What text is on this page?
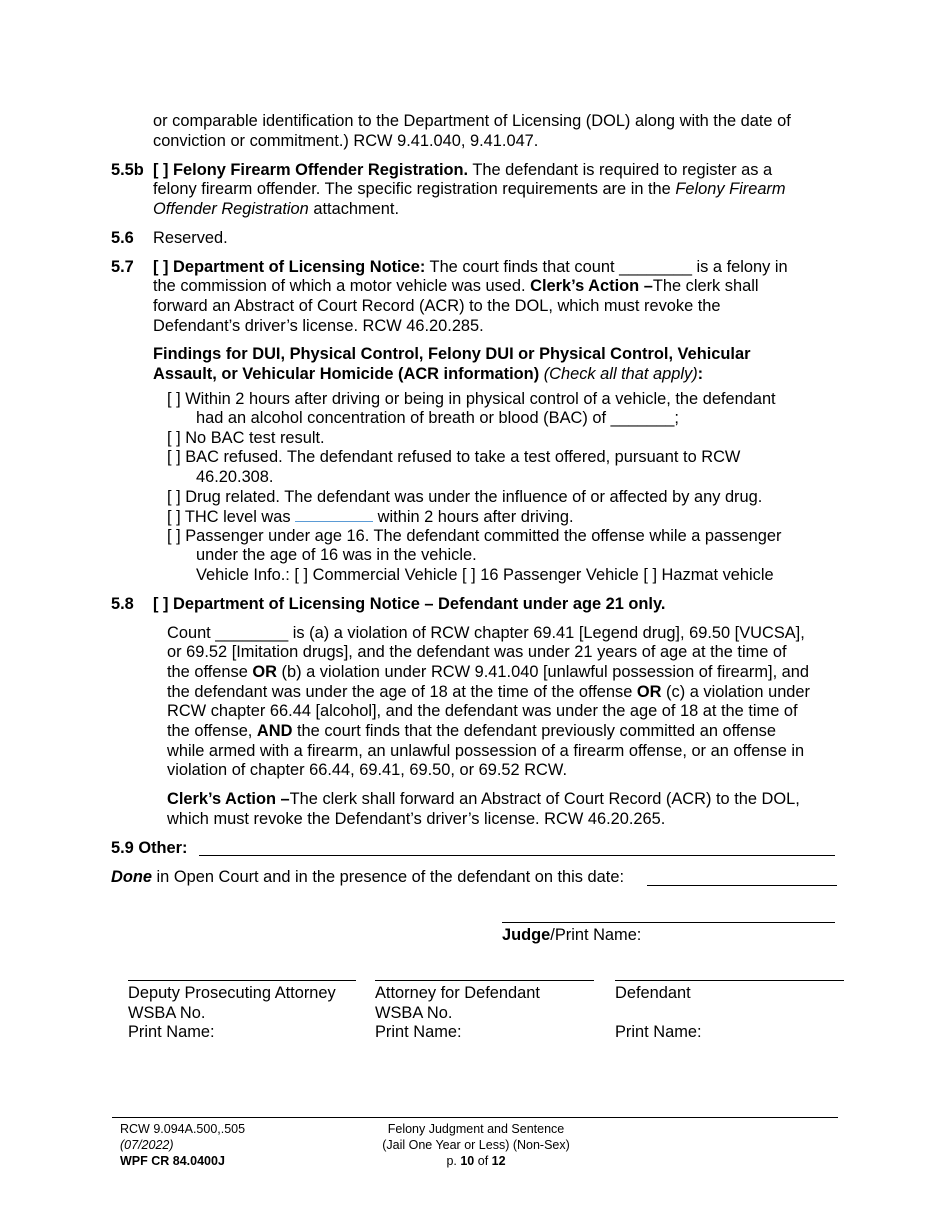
or comparable identification to the Department of Licensing (DOL) along with the date of
conviction or commitment.) RCW 9.41.040, 9.41.047.
5.5b [ ] Felony Firearm Offender Registration. The defendant is required to register as a
felony firearm offender. The specific registration requirements are in the Felony Firearm
Offender Registration attachment.
5.6 Reserved.
5.7 [ ] Department of Licensing Notice: The court finds that count ________ is a felony in
the commission of which a motor vehicle was used. Clerk’s Action –The clerk shall
forward an Abstract of Court Record (ACR) to the DOL, which must revoke the
Defendant’s driver’s license. RCW 46.20.285.
Findings for DUI, Physical Control, Felony DUI or Physical Control, Vehicular
Assault, or Vehicular Homicide (ACR information) (Check all that apply):
[ ] Within 2 hours after driving or being in physical control of a vehicle, the defendant
had an alcohol concentration of breath or blood (BAC) of _______;
[ ] No BAC test result.
[ ] BAC refused. The defendant refused to take a test offered, pursuant to RCW
46.20.308.
[ ] Drug related. The defendant was under the influence of or affected by any drug.
[ ] THC level was	within 2 hours after driving.
[ ] Passenger under age 16. The defendant committed the offense while a passenger
under the age of 16 was in the vehicle.
Vehicle Info.: [ ] Commercial Vehicle [ ] 16 Passenger Vehicle [ ] Hazmat vehicle
5.8 [ ] Department of Licensing Notice – Defendant under age 21 only.
Count ________ is (a) a violation of RCW chapter 69.41 [Legend drug], 69.50 [VUCSA],
or 69.52 [Imitation drugs], and the defendant was under 21 years of age at the time of
the offense OR (b) a violation under RCW 9.41.040 [unlawful possession of firearm], and
the defendant was under the age of 18 at the time of the offense OR (c) a violation under
RCW chapter 66.44 [alcohol], and the defendant was under the age of 18 at the time of
the offense, AND the court finds that the defendant previously committed an offense
while armed with a firearm, an unlawful possession of a firearm offense, or an offense in
violation of chapter 66.44, 69.41, 69.50, or 69.52 RCW.
Clerk’s Action –The clerk shall forward an Abstract of Court Record (ACR) to the DOL,
which must revoke the Defendant’s driver’s license. RCW 46.20.265.
5.9 Other:
Done in Open Court and in the presence of the defendant on this date:
Judge/Print Name:
Deputy Prosecuting Attorney
WSBA No.
Print Name:
Attorney for Defendant
WSBA No.
Print Name:
Defendant
Print Name:
RCW 9.094A.500,.505
(07/2022)
WPF CR 84.0400J
Felony Judgment and Sentence
(Jail One Year or Less) (Non-Sex)
p. 10 of 12
